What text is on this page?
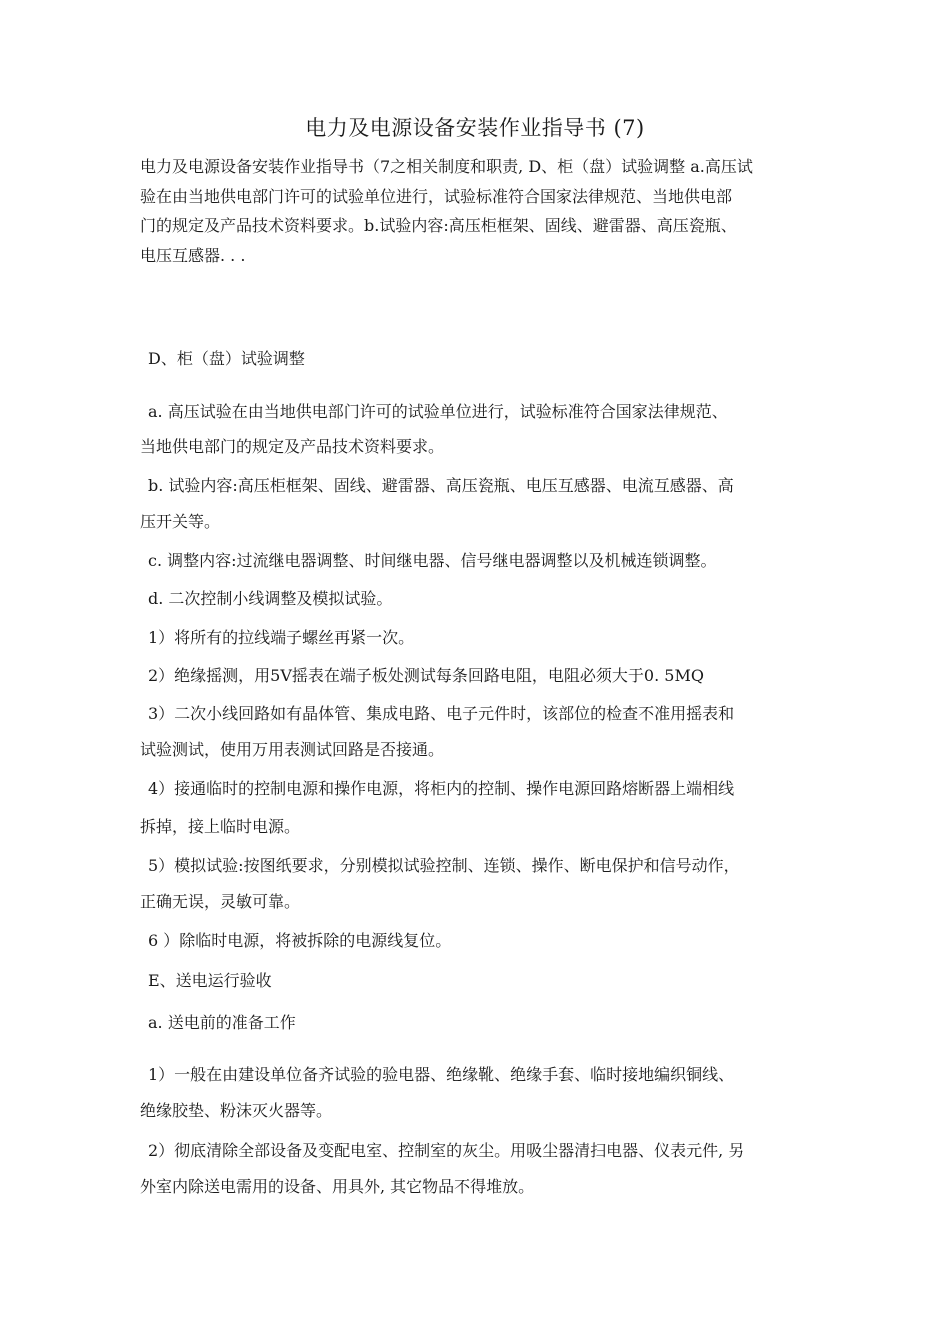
电力及电源设备安装作业指导书 (7)
电力及电源设备安装作业指导书（7之相关制度和职责, D、柜（盘）试验调整 a.高压试
验在由当地供电部门许可的试验单位进行，试验标准符合国家法律规范、当地供电部
门的规定及产品技术资料要求。b.试验内容:高压柜框架、固线、避雷器、高压瓷瓶、
电压互感器. . .
D、柜（盘）试验调整
a. 高压试验在由当地供电部门许可的试验单位进行，试验标准符合国家法律规范、
当地供电部门的规定及产品技术资料要求。
b. 试验内容:高压柜框架、固线、避雷器、高压瓷瓶、电压互感器、电流互感器、高
压开关等。
c. 调整内容:过流继电器调整、时间继电器、信号继电器调整以及机械连锁调整。
d. 二次控制小线调整及模拟试验。
1）将所有的拉线端子螺丝再紧一次。
2）绝缘摇测，用5V摇表在端子板处测试每条回路电阻，电阻必须大于0. 5MQ
3）二次小线回路如有晶体管、集成电路、电子元件时，该部位的检查不准用摇表和
试验测试，使用万用表测试回路是否接通。
4）接通临时的控制电源和操作电源，将柜内的控制、操作电源回路熔断器上端相线
拆掉，接上临时电源。
5）模拟试验:按图纸要求，分别模拟试验控制、连锁、操作、断电保护和信号动作，
正确无误，灵敏可靠。
6 ）除临时电源，将被拆除的电源线复位。
E、送电运行验收
a. 送电前的准备工作
1）一般在由建设单位备齐试验的验电器、绝缘靴、绝缘手套、临时接地编织铜线、
绝缘胶垫、粉沫灭火器等。
2）彻底清除全部设备及变配电室、控制室的灰尘。用吸尘器清扫电器、仪表元件, 另
外室内除送电需用的设备、用具外, 其它物品不得堆放。
